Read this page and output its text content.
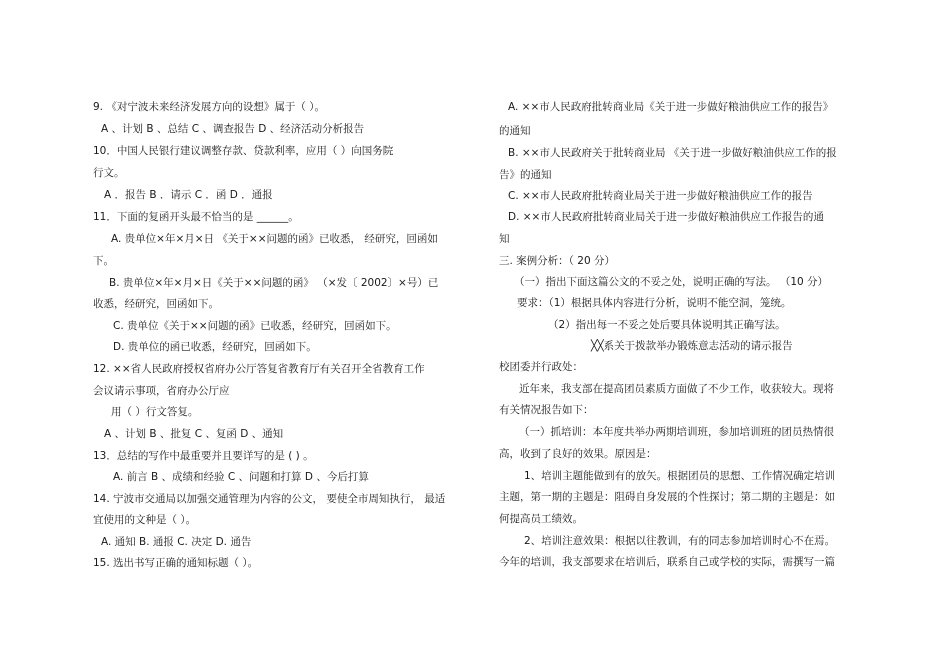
9. 《对宁波未来经济发展方向的设想》属于（ ）。

A 、计划 B 、总结 C 、调查报告 D 、经济活动分析报告

10．中国人民银行建议调整存款、贷款利率，应用（ ）向国务院

行文。

A ．报告 B ．请示 C ．函 D ．通报

11．下面的复函开头最不恰当的是 ______。

A. 贵单位×年×月×日 《关于××问题的函》已收悉， 经研究，回函如

下。

B. 贵单位×年×月×日《关于××问题的函》 （×发〔 2002〕×号）已

收悉，经研究，回函如下。

C. 贵单位《关于××问题的函》已收悉，经研究，回函如下。

D. 贵单位的函已收悉，经研究，回函如下。

12. ××省人民政府授权省府办公厅答复省教育厅有关召开全省教育工作

会议请示事项，省府办公厅应

用（ ）行文答复。

A 、计划 B 、批复 C 、复函 D 、通知

13．总结的写作中最重要并且要详写的是 ( ) 。

A. 前言 B 、成绩和经验 C 、问题和打算 D 、今后打算

14. 宁波市交通局以加强交通管理为内容的公文， 要使全市周知执行， 最适

宜使用的文种是（ ）。

A. 通知 B. 通报 C. 决定 D. 通告

15. 选出书写正确的通知标题（ ）。

A. ××市人民政府批转商业局《关于进一步做好粮油供应工作的报告》

的通知

B. ××市人民政府关于批转商业局 《关于进一步做好粮油供应工作的报

告》的通知

C. ××市人民政府批转商业局关于进一步做好粮油供应工作的报告

D. ××市人民政府批转商业局关于进一步做好粮油供应工作报告的通

知

三. 案例分析：（ 20 分）

（一）指出下面这篇公文的不妥之处，说明正确的写法。 （10 分）

要求：（1）根据具体内容进行分析，说明不能空洞，笼统。

（2）指出每一不妥之处后要具体说明其正确写法。

╳╳系关于拨款举办锻炼意志活动的请示报告

校团委并行政处：

近年来，我支部在提高团员素质方面做了不少工作，收获较大。现将

有关情况报告如下：

（一）抓培训：本年度共举办两期培训班，参加培训班的团员热情很

高，收到了良好的效果。原因是：

1、培训主题能做到有的放矢。根据团员的思想、工作情况确定培训

主题，第一期的主题是：阻碍自身发展的个性探讨；第二期的主题是：如

何提高员工绩效。

2、培训注意效果：根据以往教训，有的同志参加培训时心不在焉。

今年的培训，我支部要求在培训后，联系自己或学校的实际，需撰写一篇
